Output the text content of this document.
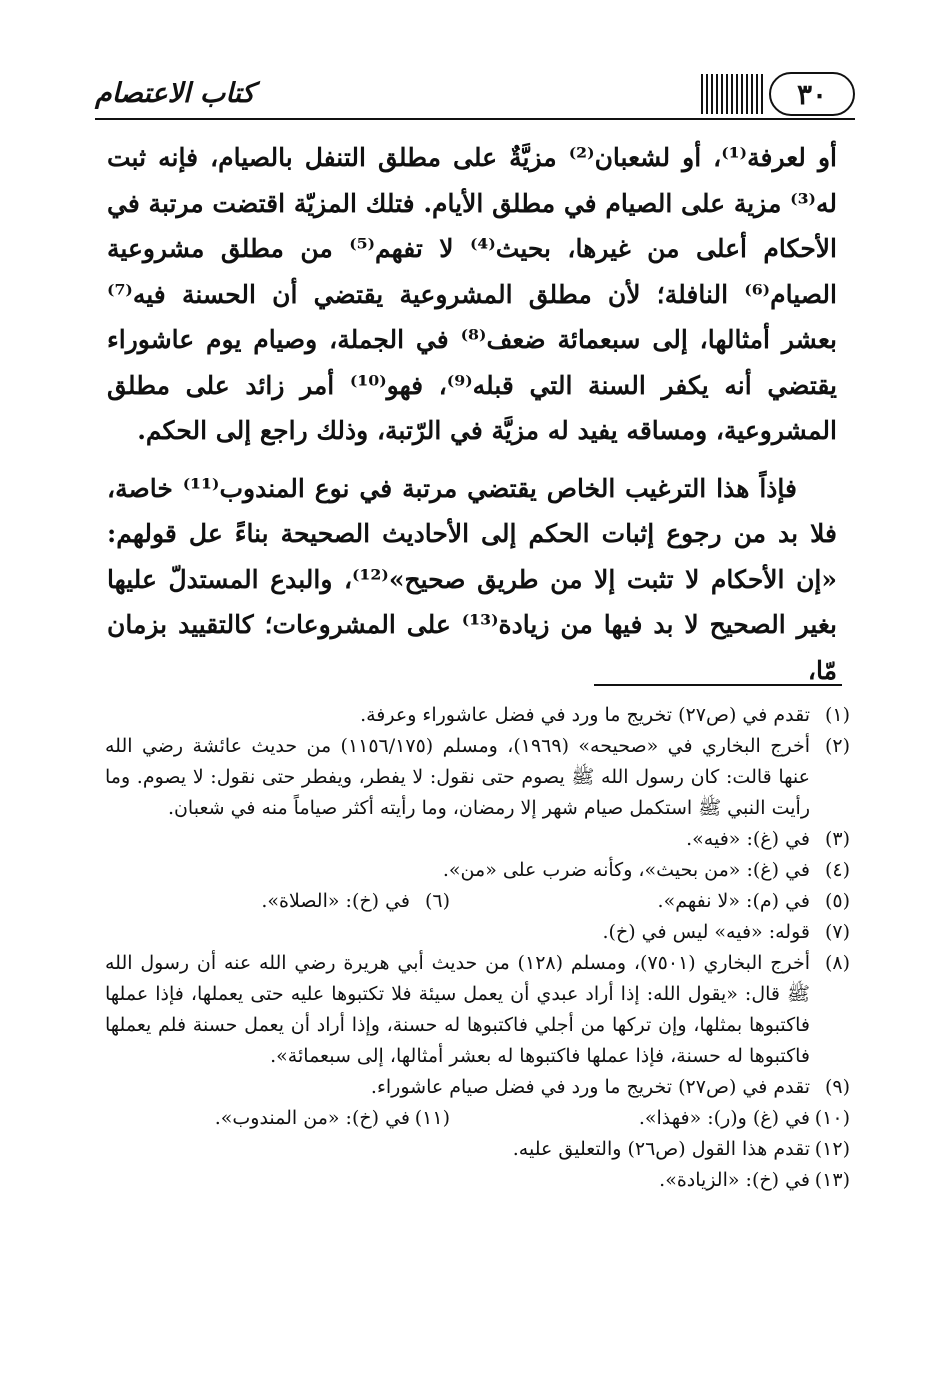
كتاب الاعتصام	٣٠

أو لعرفة⁽¹⁾، أو لشعبان⁽²⁾ مزيَّةٌ على مطلق التنفل بالصيام، فإنه ثبت له⁽³⁾ مزية على الصيام في مطلق الأيام. فتلك المزيّة اقتضت مرتبة في الأحكام أعلى من غيرها، بحيث⁽⁴⁾ لا تفهم⁽⁵⁾ من مطلق مشروعية الصيام⁽⁶⁾ النافلة؛ لأن مطلق المشروعية يقتضي أن الحسنة فيه⁽⁷⁾ بعشر أمثالها، إلى سبعمائة ضعف⁽⁸⁾ في الجملة، وصيام يوم عاشوراء يقتضي أنه يكفر السنة التي قبله⁽⁹⁾، فهو⁽¹⁰⁾ أمر زائد على مطلق المشروعية، ومساقه يفيد له مزيَّة في الرّتبة، وذلك راجع إلى الحكم.

فإذاً هذا الترغيب الخاص يقتضي مرتبة في نوع المندوب⁽¹¹⁾ خاصة، فلا بد من رجوع إثبات الحكم إلى الأحاديث الصحيحة بناءً عل قولهم: «إن الأحكام لا تثبت إلا من طريق صحيح»⁽¹²⁾، والبدع المستدلّ عليها بغير الصحيح لا بد فيها من زيادة⁽¹³⁾ على المشروعات؛ كالتقييد بزمان مّا،

(١)
تقدم في (ص٢٧) تخريج ما ورد في فضل عاشوراء وعرفة.
(٢)
أخرج البخاري في «صحيحه» (١٩٦٩)، ومسلم (١١٥٦/١٧٥) من حديث عائشة رضي الله عنها قالت: كان رسول الله ﷺ يصوم حتى نقول: لا يفطر، ويفطر حتى نقول: لا يصوم. وما رأيت النبي ﷺ استكمل صيام شهر إلا رمضان، وما رأيته أكثر صياماً منه في شعبان.
(٣)
في (غ): «فيه».
(٤)
في (غ): «من بحيث»، وكأنه ضرب على «من».
(٥)
في (م): «لا نفهم».
(٦)
في (خ): «الصلاة».
(٧)
قوله: «فيه» ليس في (خ).
(٨)
أخرج البخاري (٧٥٠١)، ومسلم (١٢٨) من حديث أبي هريرة رضي الله عنه أن رسول الله ﷺ قال: «يقول الله: إذا أراد عبدي أن يعمل سيئة فلا تكتبوها عليه حتى يعملها، فإذا عملها فاكتبوها بمثلها، وإن تركها من أجلي فاكتبوها له حسنة، وإذا أراد أن يعمل حسنة فلم يعملها فاكتبوها له حسنة، فإذا عملها فاكتبوها له بعشر أمثالها، إلى سبعمائة».
(٩)
تقدم في (ص٢٧) تخريج ما ورد في فضل صيام عاشوراء.
(١٠)
في (غ) و(ر): «فهذا».
(١١)
في (خ): «من المندوب».
(١٢)
تقدم هذا القول (ص٢٦) والتعليق عليه.
(١٣)
في (خ): «الزيادة».
